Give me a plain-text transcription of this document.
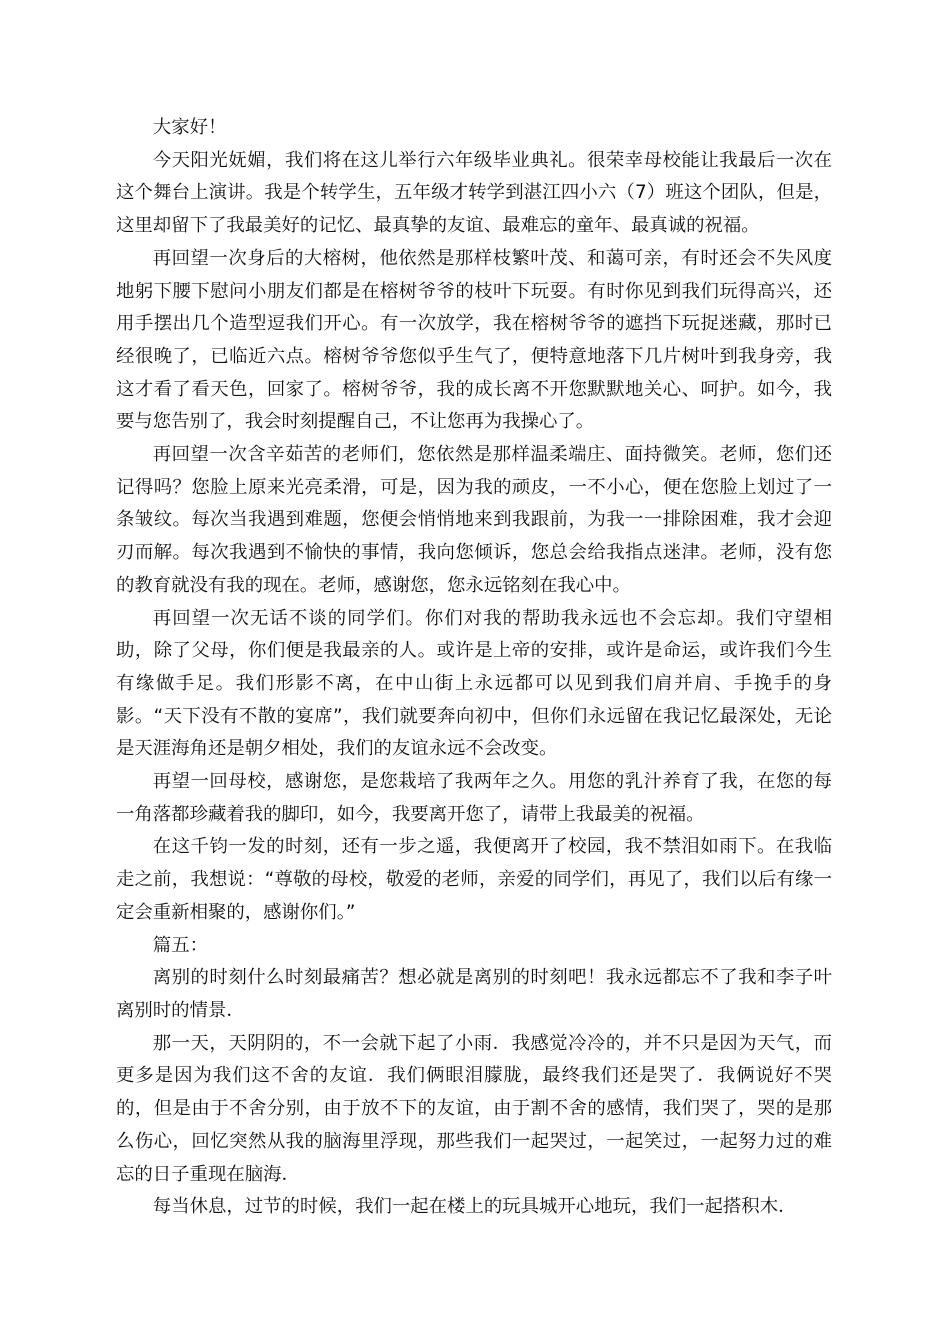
大家好！

今天阳光妩媚，我们将在这儿举行六年级毕业典礼。很荣幸母校能让我最后一次在这个舞台上演讲。我是个转学生，五年级才转学到湛江四小六（7）班这个团队，但是，这里却留下了我最美好的记忆、最真挚的友谊、最难忘的童年、最真诚的祝福。

再回望一次身后的大榕树，他依然是那样枝繁叶茂、和蔼可亲，有时还会不失风度地躬下腰下慰问小朋友们都是在榕树爷爷的枝叶下玩耍。有时你见到我们玩得高兴，还用手摆出几个造型逗我们开心。有一次放学，我在榕树爷爷的遮挡下玩捉迷藏，那时已经很晚了，已临近六点。榕树爷爷您似乎生气了，便特意地落下几片树叶到我身旁，我这才看了看天色，回家了。榕树爷爷，我的成长离不开您默默地关心、呵护。如今，我要与您告别了，我会时刻提醒自己，不让您再为我操心了。

再回望一次含辛茹苦的老师们，您依然是那样温柔端庄、面持微笑。老师，您们还记得吗？您脸上原来光亮柔滑，可是，因为我的顽皮，一不小心，便在您脸上划过了一条皱纹。每次当我遇到难题，您便会悄悄地来到我跟前，为我一一排除困难，我才会迎刃而解。每次我遇到不愉快的事情，我向您倾诉，您总会给我指点迷津。老师，没有您的教育就没有我的现在。老师，感谢您，您永远铭刻在我心中。

再回望一次无话不谈的同学们。你们对我的帮助我永远也不会忘却。我们守望相助，除了父母，你们便是我最亲的人。或许是上帝的安排，或许是命运，或许我们今生有缘做手足。我们形影不离，在中山街上永远都可以见到我们肩并肩、手挽手的身影。“天下没有不散的宴席”，我们就要奔向初中，但你们永远留在我记忆最深处，无论是天涯海角还是朝夕相处，我们的友谊永远不会改变。

再望一回母校，感谢您，是您栽培了我两年之久。用您的乳汁养育了我，在您的每一角落都珍藏着我的脚印，如今，我要离开您了，请带上我最美的祝福。

在这千钧一发的时刻，还有一步之遥，我便离开了校园，我不禁泪如雨下。在我临走之前，我想说：“尊敬的母校，敬爱的老师，亲爱的同学们，再见了，我们以后有缘一定会重新相聚的，感谢你们。”

篇五：

离别的时刻什么时刻最痛苦？想必就是离别的时刻吧！我永远都忘不了我和李子叶离别时的情景．

那一天，天阴阴的，不一会就下起了小雨．我感觉冷冷的，并不只是因为天气，而更多是因为我们这不舍的友谊．我们俩眼泪朦胧，最终我们还是哭了．我俩说好不哭的，但是由于不舍分别，由于放不下的友谊，由于割不舍的感情，我们哭了，哭的是那么伤心，回忆突然从我的脑海里浮现，那些我们一起哭过，一起笑过，一起努力过的难忘的日子重现在脑海．

每当休息，过节的时候，我们一起在楼上的玩具城开心地玩，我们一起搭积木．
